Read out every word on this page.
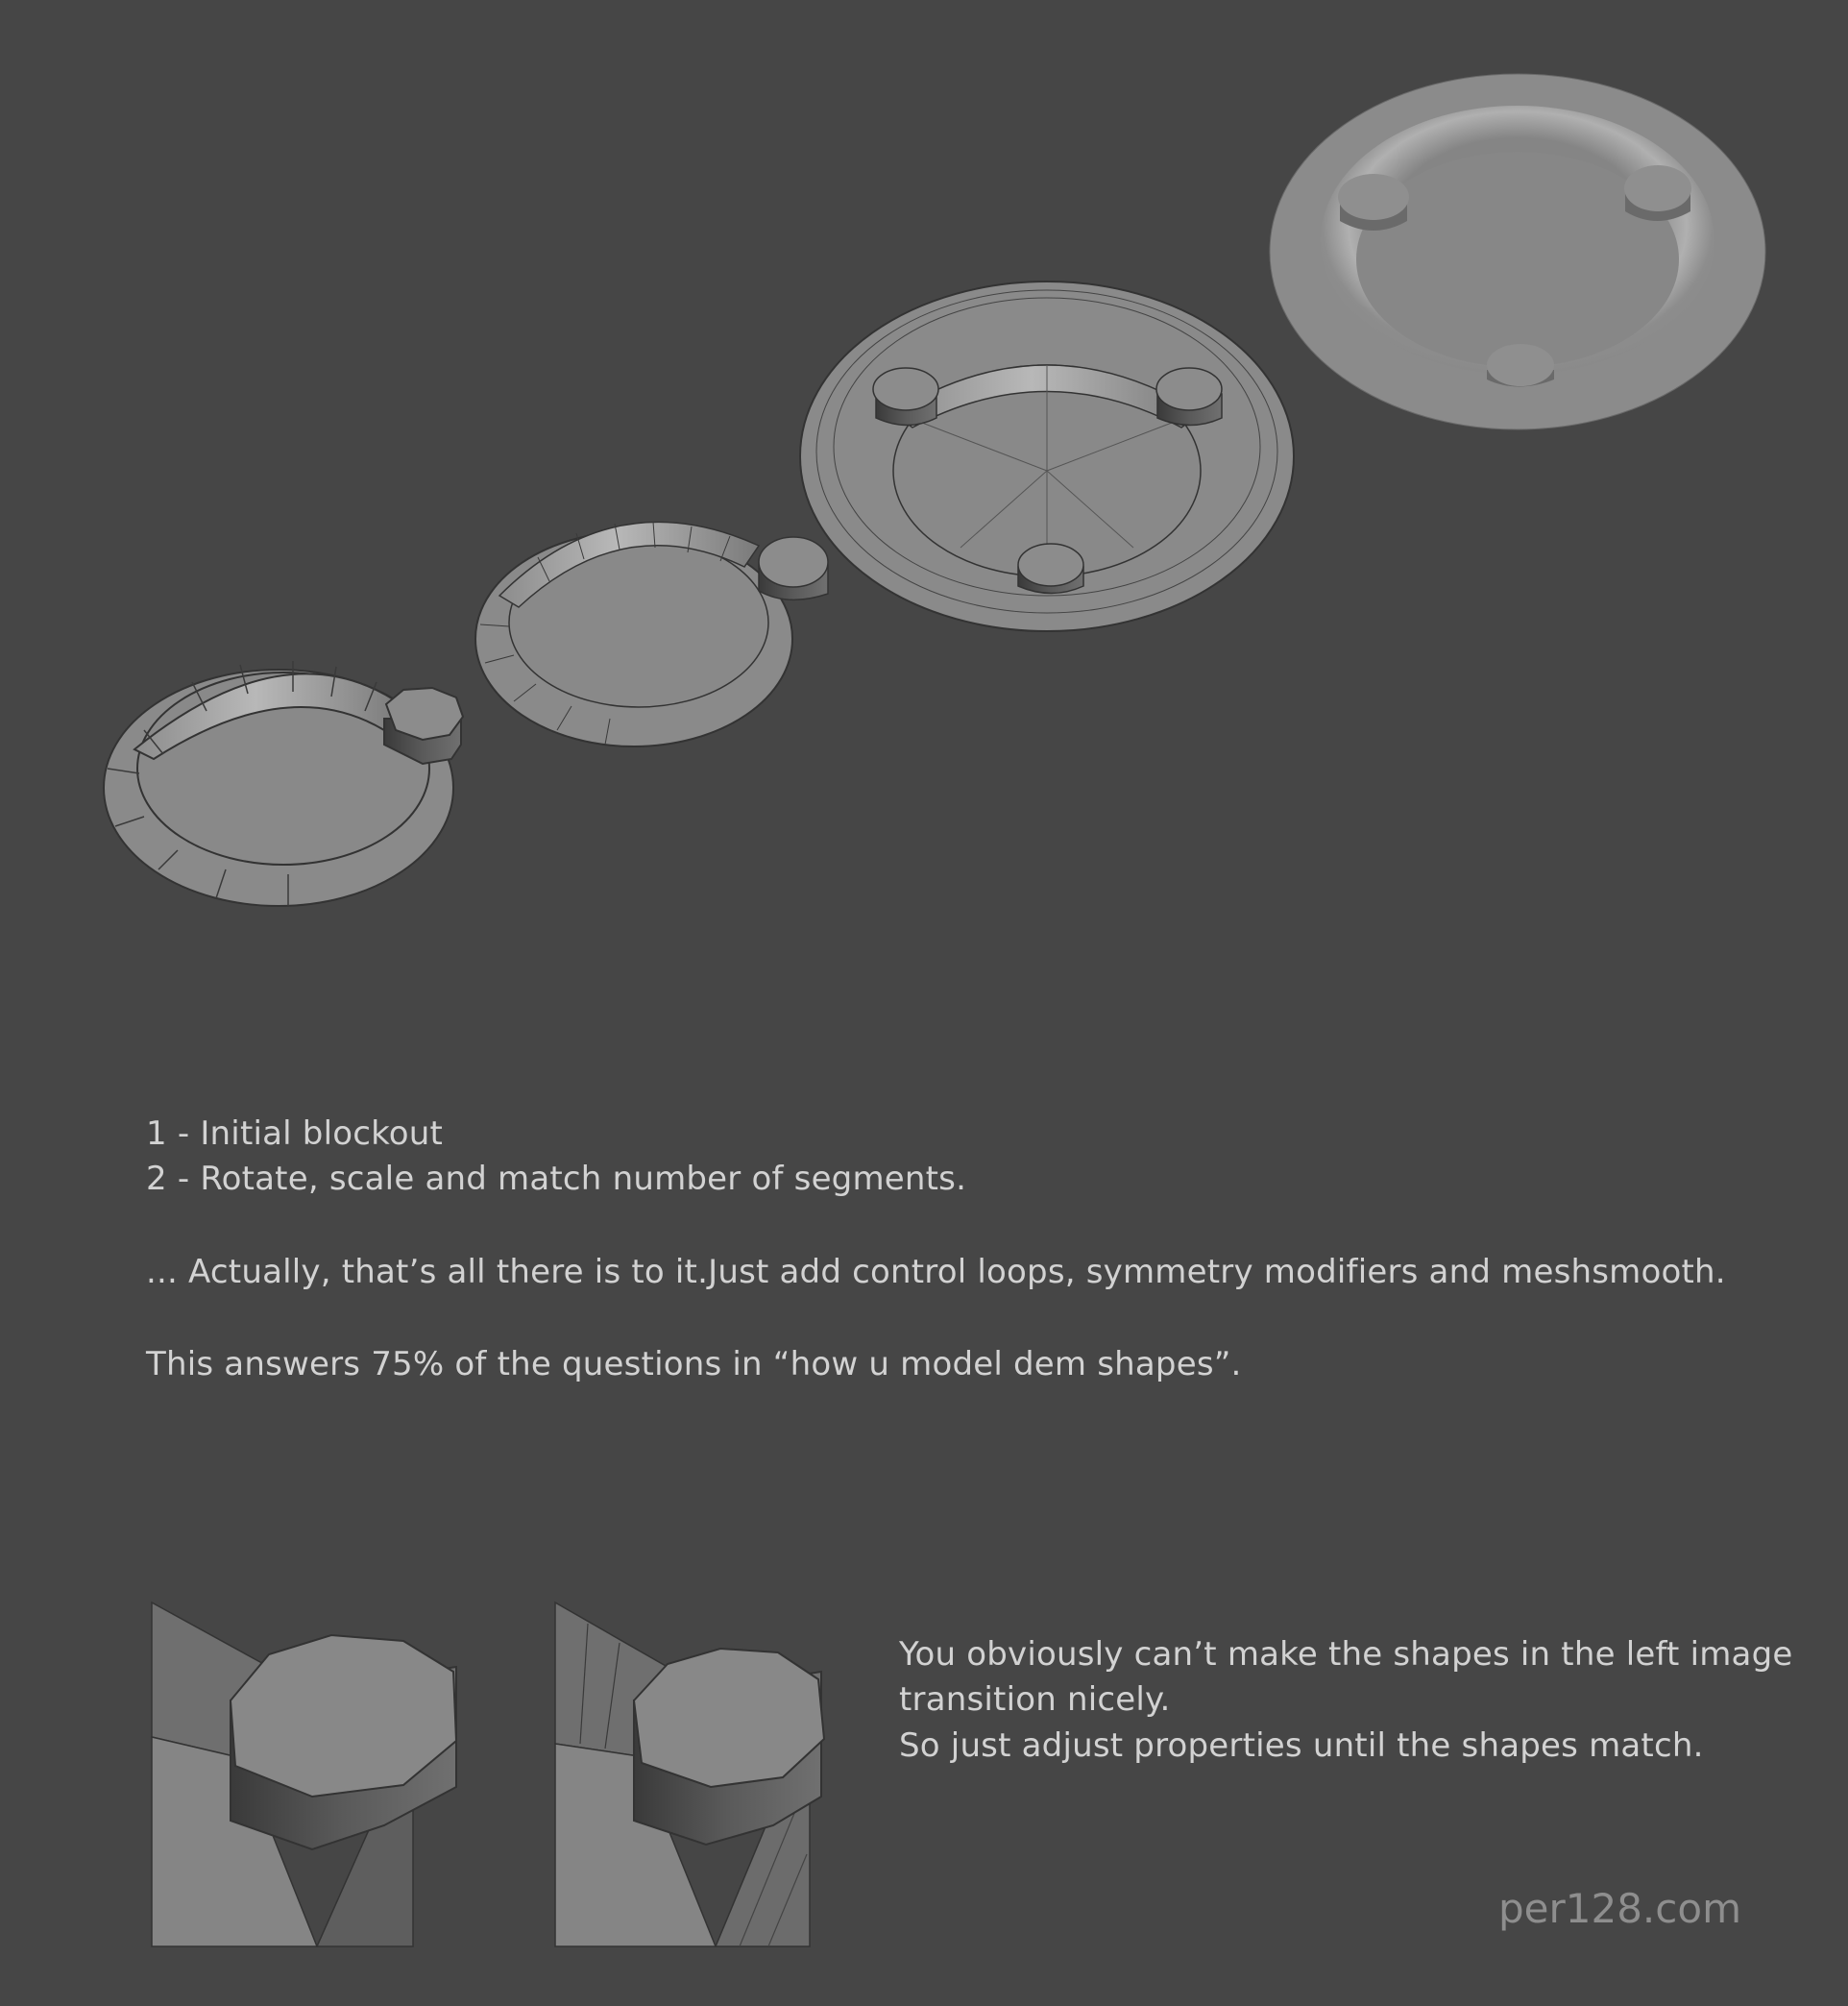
1 - Initial blockout

2 - Rotate, scale and match number of segments.

... Actually, that’s all there is to it.Just add control loops, symmetry modifiers and meshsmooth.

This answers 75% of the questions in “how u model dem shapes”.

You obviously can’t make the shapes in the left image

transition nicely.

So just adjust properties until the shapes match.

per128.com
